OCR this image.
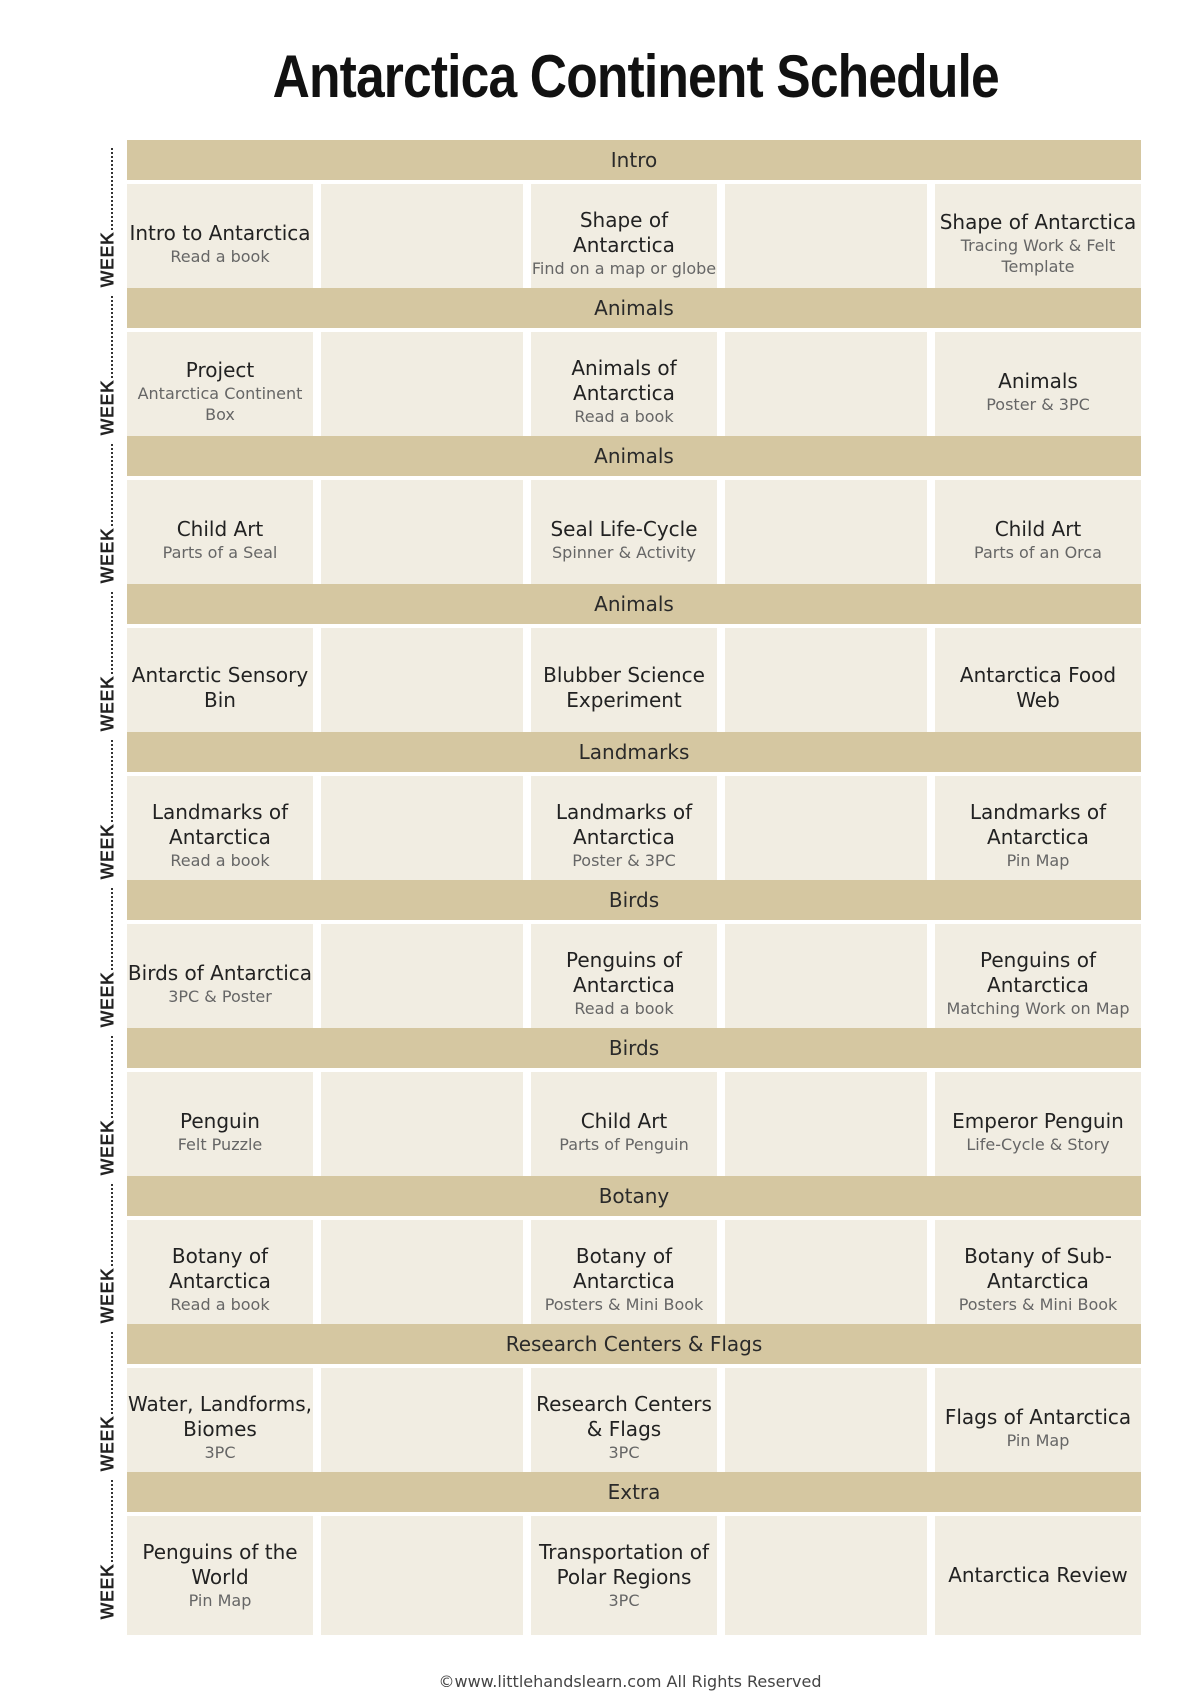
Antarctica Continent Schedule
WEEK
Intro
Intro to Antarctica
Read a book
Shape of Antarctica
Find on a map or globe
Shape of Antarctica
Tracing Work & Felt Template
WEEK
Animals
Project
Antarctica Continent Box
Animals of Antarctica
Read a book
Animals
Poster & 3PC
WEEK
Animals
Child Art
Parts of a Seal
Seal Life-Cycle
Spinner & Activity
Child Art
Parts of an Orca
WEEK
Animals
Antarctic Sensory Bin
Blubber Science Experiment
Antarctica Food Web
WEEK
Landmarks
Landmarks of Antarctica
Read a book
Landmarks of Antarctica
Poster & 3PC
Landmarks of Antarctica
Pin Map
WEEK
Birds
Birds of Antarctica
3PC & Poster
Penguins of Antarctica
Read a book
Penguins of Antarctica
Matching Work on Map
WEEK
Birds
Penguin
Felt Puzzle
Child Art
Parts of Penguin
Emperor Penguin
Life-Cycle & Story
WEEK
Botany
Botany of Antarctica
Read a book
Botany of Antarctica
Posters & Mini Book
Botany of Sub-Antarctica
Posters & Mini Book
WEEK
Research Centers & Flags
Water, Landforms, Biomes
3PC
Research Centers & Flags
3PC
Flags of Antarctica
Pin Map
WEEK
Extra
Penguins of the World
Pin Map
Transportation of Polar Regions
3PC
Antarctica Review
©www.littlehandslearn.com All Rights Reserved
